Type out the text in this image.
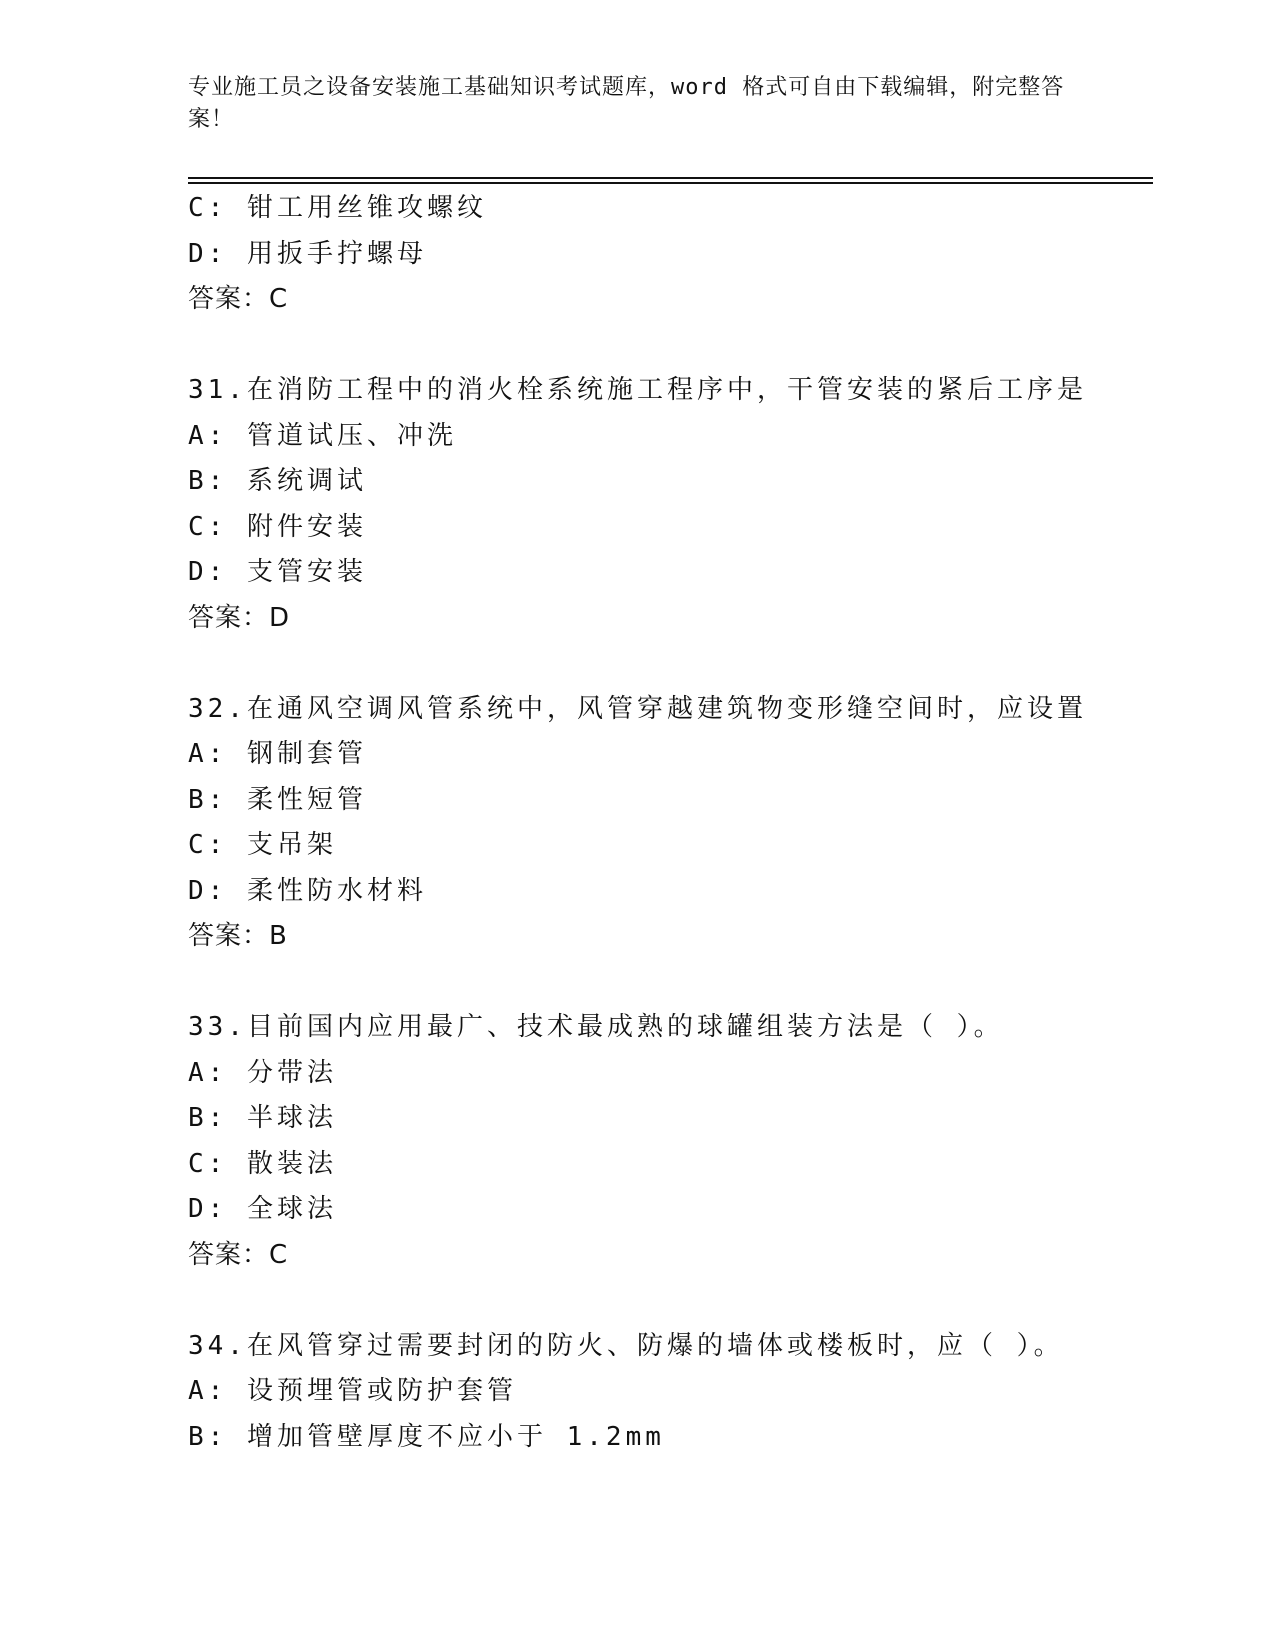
专业施工员之设备安装施工基础知识考试题库，word 格式可自由下载编辑，附完整答案！
C: 钳工用丝锥攻螺纹
D: 用扳手拧螺母
答案：C
31.在消防工程中的消火栓系统施工程序中，干管安装的紧后工序是
A: 管道试压、冲洗
B: 系统调试
C: 附件安装
D: 支管安装
答案：D
32.在通风空调风管系统中，风管穿越建筑物变形缝空间时，应设置
A: 钢制套管
B: 柔性短管
C: 支吊架
D: 柔性防水材料
答案：B
33.目前国内应用最广、技术最成熟的球罐组装方法是（ ）。
A: 分带法
B: 半球法
C: 散装法
D: 全球法
答案：C
34.在风管穿过需要封闭的防火、防爆的墙体或楼板时，应（ ）。
A: 设预埋管或防护套管
B: 增加管壁厚度不应小于 1.2mm
